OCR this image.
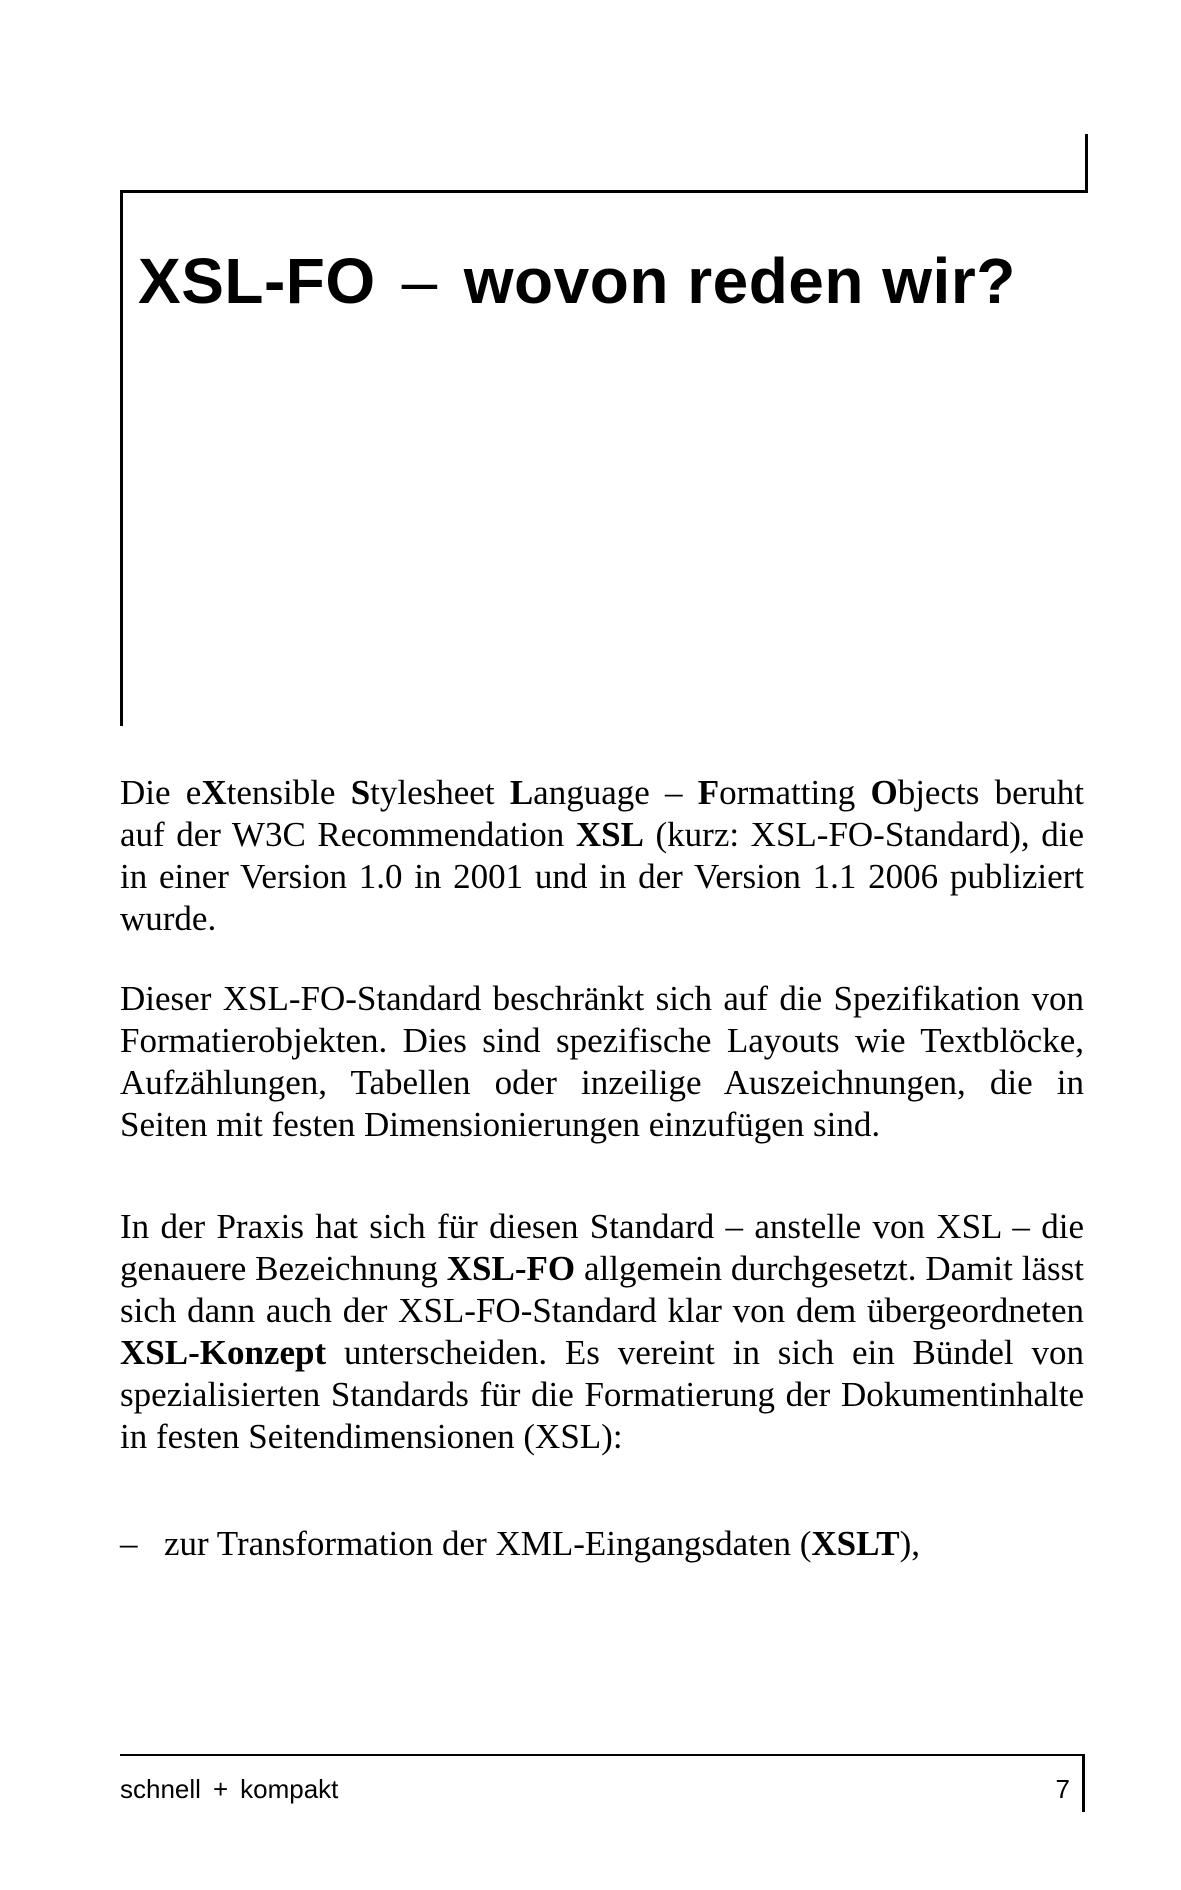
XSL-FO – wovon reden wir?

Die eXtensible Stylesheet Language – Formatting Objects beruht auf der W3C Recommendation XSL (kurz: XSL-FO-Standard), die in einer Version 1.0 in 2001 und in der Version 1.1 2006 publiziert wurde.

Dieser XSL-FO-Standard beschränkt sich auf die Spezifikation von Formatierobjekten. Dies sind spezifische Layouts wie Textblöcke, Aufzählungen, Tabellen oder inzeilige Auszeichnungen, die in Seiten mit festen Dimensionierungen einzufügen sind.

In der Praxis hat sich für diesen Standard – anstelle von XSL – die genauere Bezeichnung XSL-FO allgemein durchgesetzt. Damit lässt sich dann auch der XSL-FO-Standard klar von dem übergeordneten XSL-Konzept unterscheiden. Es vereint in sich ein Bündel von spezialisierten Standards für die Formatierung der Dokumentinhalte in festen Seitendimensionen (XSL):

– zur Transformation der XML-Eingangsdaten (XSLT),

schnell + kompakt	7
